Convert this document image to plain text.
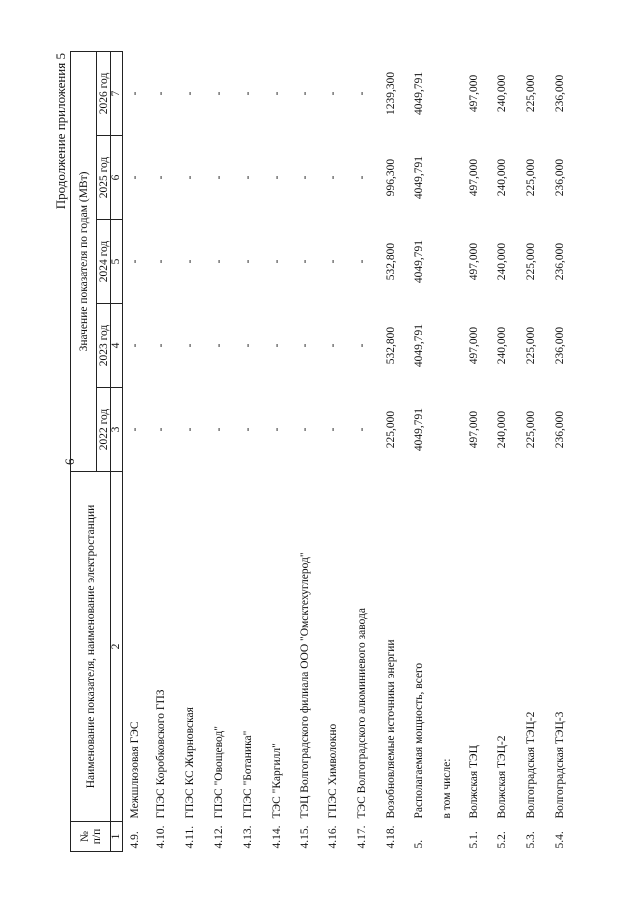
6
Продолжение приложения 5
№ п/п	Наименование показателя, наименование электростанции	Значение показателя по годам (МВт)				
		2022 год	2023 год	2024 год	2025 год	2026 год
1	2	3	4	5	6	7
4.9.	Межшлюзовая ГЭС	-	-	-	-	-
4.10.	ГПЭС Коробковского ГПЗ	-	-	-	-	-
4.11.	ГПЭС КС Жирновская	-	-	-	-	-
4.12.	ГПЭС "Овощевод"	-	-	-	-	-
4.13.	ГПЭС "Ботаника"	-	-	-	-	-
4.14.	ТЭС "Каргилл"	-	-	-	-	-
4.15.	ТЭЦ Волгоградского филиала ООО "Омсктехуглерод"	-	-	-	-	-
4.16.	ГПЭС Химволокно	-	-	-	-	-
4.17.	ТЭС Волгоградского алюминиевого завода	-	-	-	-	-
4.18.	Возобновляемые источники энергии	225,000	532,800	532,800	996,300	1239,300
5.	Располагаемая мощность, всего	4049,791	4049,791	4049,791	4049,791	4049,791
	в том числе:					
5.1.	Волжская ТЭЦ	497,000	497,000	497,000	497,000	497,000
5.2.	Волжская ТЭЦ-2	240,000	240,000	240,000	240,000	240,000
5.3.	Волгоградская ТЭЦ-2	225,000	225,000	225,000	225,000	225,000
5.4.	Волгоградская ТЭЦ-3	236,000	236,000	236,000	236,000	236,000
